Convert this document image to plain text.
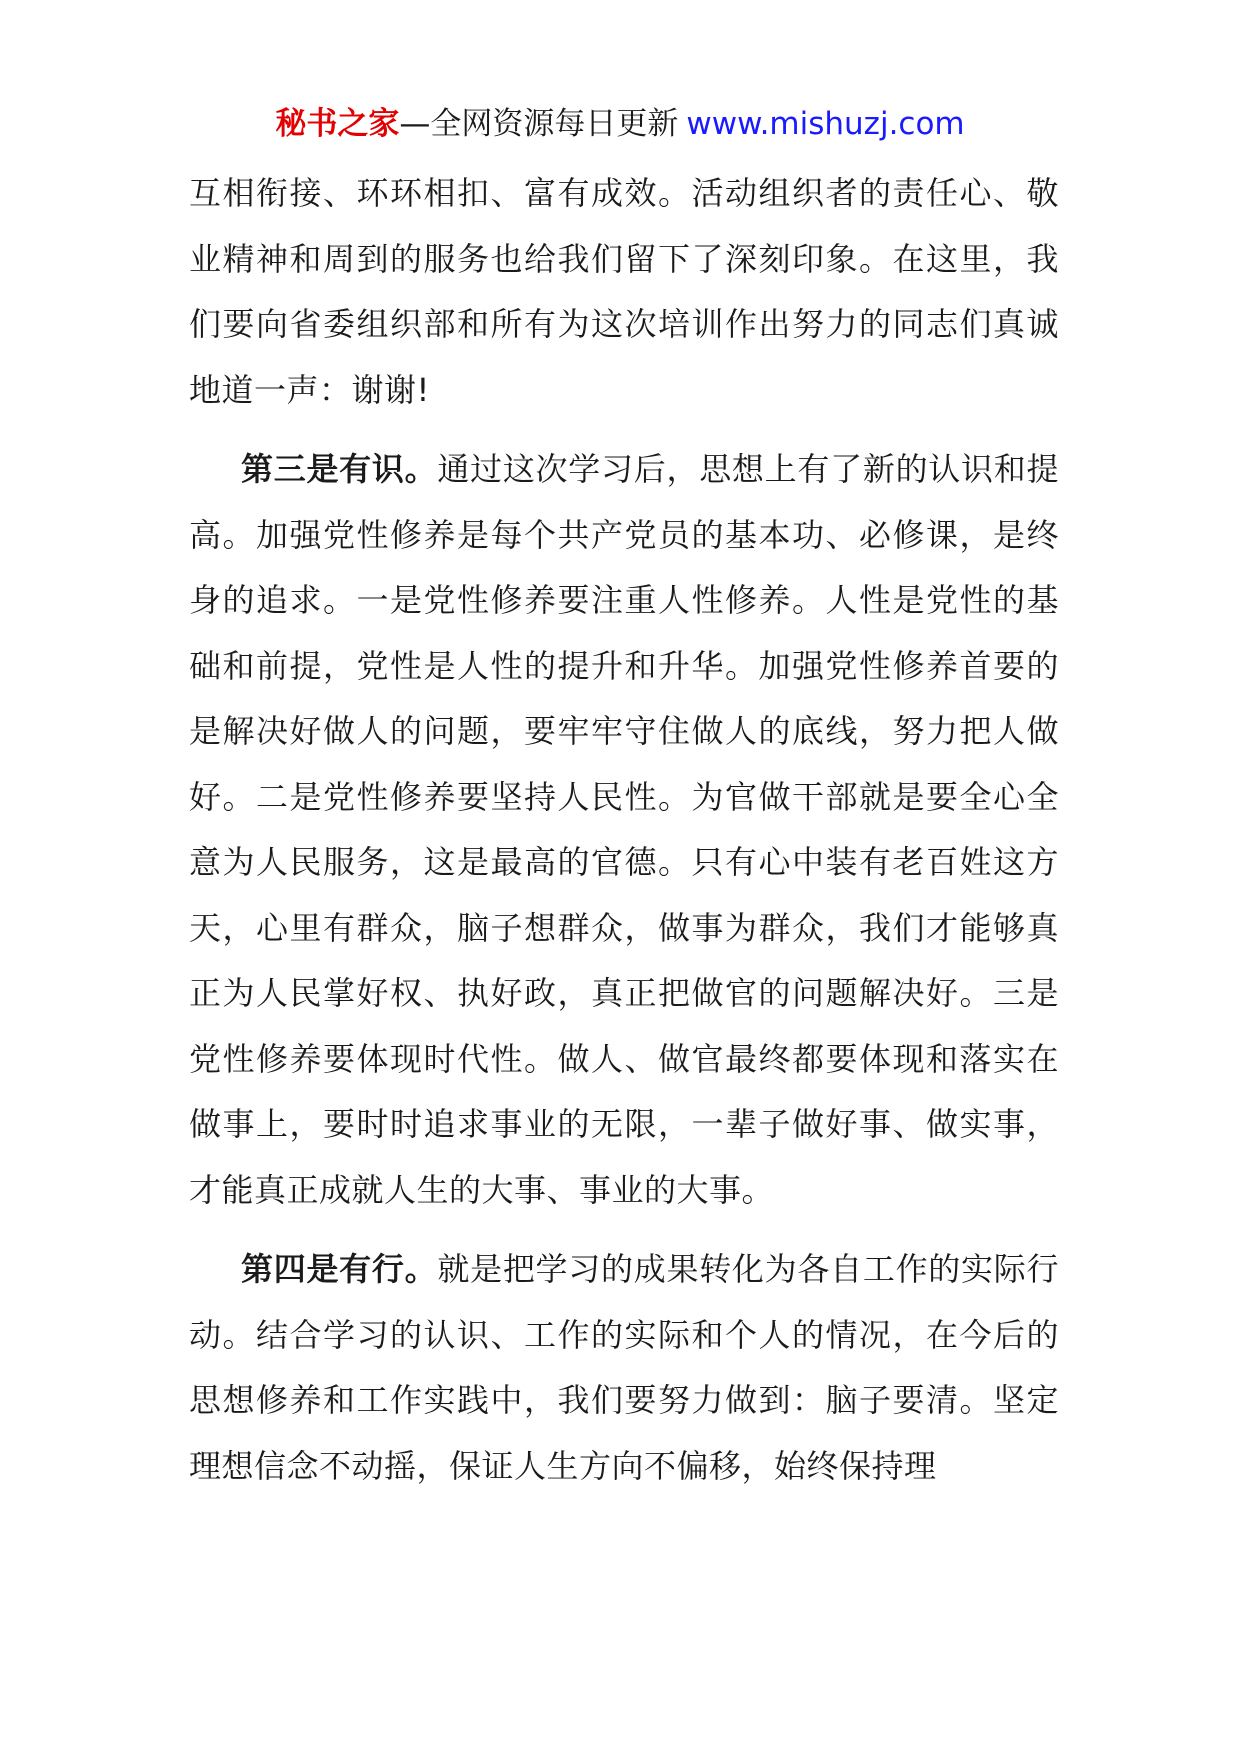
秘书之家—全网资源每日更新 www.mishuzj.com

互相衔接、环环相扣、富有成效。活动组织者的责任心、敬业精神和周到的服务也给我们留下了深刻印象。在这里，我们要向省委组织部和所有为这次培训作出努力的同志们真诚地道一声：谢谢!

第三是有识。通过这次学习后，思想上有了新的认识和提高。加强党性修养是每个共产党员的基本功、必修课，是终身的追求。一是党性修养要注重人性修养。人性是党性的基础和前提，党性是人性的提升和升华。加强党性修养首要的是解决好做人的问题，要牢牢守住做人的底线，努力把人做好。二是党性修养要坚持人民性。为官做干部就是要全心全意为人民服务，这是最高的官德。只有心中装有老百姓这方天，心里有群众，脑子想群众，做事为群众，我们才能够真正为人民掌好权、执好政，真正把做官的问题解决好。三是党性修养要体现时代性。做人、做官最终都要体现和落实在做事上，要时时追求事业的无限，一辈子做好事、做实事，才能真正成就人生的大事、事业的大事。

第四是有行。就是把学习的成果转化为各自工作的实际行动。结合学习的认识、工作的实际和个人的情况，在今后的思想修养和工作实践中，我们要努力做到：脑子要清。坚定理想信念不动摇，保证人生方向不偏移，始终保持理
